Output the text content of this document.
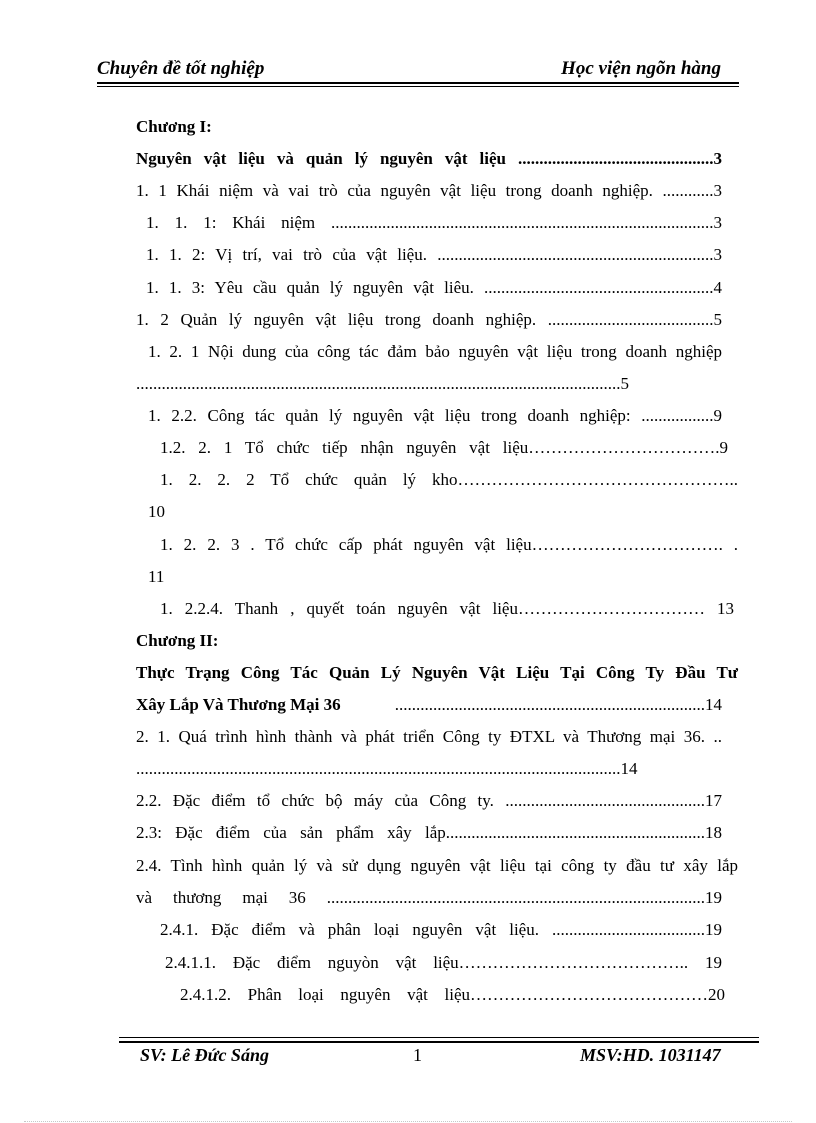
Chuyên đề tốt nghiệp	Học viện ngõn hàng
Chương I:
Nguyên vật liệu và quản lý nguyên vật liệu ..............................................3
1. 1 Khái niệm và vai trò của nguyên vật liệu trong doanh nghiệp. ............3
1. 1. 1: Khái niệm ..........................................................................................3
1. 1. 2: Vị trí, vai trò của vật liệu. .................................................................3
1. 1. 3: Yêu cầu quản lý nguyên vật liêu. ......................................................4
1. 2 Quản lý nguyên vật liệu trong doanh nghiệp. .......................................5
1. 2. 1 Nội dung của công tác đảm bảo nguyên vật liệu trong doanh nghiệp
..................................................................................................................5
1. 2.2. Công tác quản lý nguyên vật liệu trong doanh nghiệp: .................9
1.2. 2. 1 Tổ chức tiếp nhận nguyên vật liệu…………………………….9
1. 2. 2. 2 Tổ chức quản lý kho…………………………………………..
10
1. 2. 2. 3 . Tổ chức cấp phát nguyên vật liệu……………………………. .
11
1. 2.2.4. Thanh , quyết toán nguyên vật liệu…………………………… 13
Chương II:
Thực Trạng Công Tác Quản Lý Nguyên Vật Liệu Tại Công Ty Đầu Tư
Xây Lắp Và Thương Mại 36	.........................................................................14
2. 1. Quá trình hình thành và phát triển Công ty ĐTXL và Thương mại 36. ..
..................................................................................................................14
2.2. Đặc điểm tổ chức bộ máy của Công ty. ...............................................17
2.3: Đặc điểm của sản phẩm xây lắp.............................................................18
2.4. Tình hình quản lý và sử dụng nguyên vật liệu tại công ty đầu tư xây lắp
và thương mại 36 .........................................................................................19
2.4.1. Đặc điểm và phân loại nguyên vật liệu. ....................................19
2.4.1.1. Đặc điểm nguyòn vật liệu………………………………….. 19
2.4.1.2. Phân loại nguyên vật liệu……………………………………20
SV: Lê Đức Sáng	1	MSV:HD. 1031147
